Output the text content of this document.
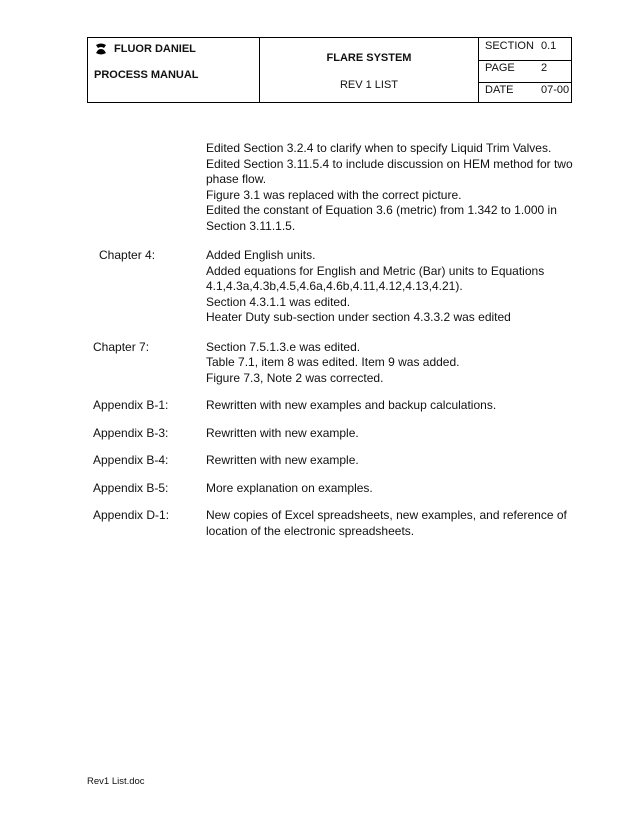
FLUOR DANIEL
PROCESS MANUAL
FLARE SYSTEM
REV 1 LIST
SECTION 0.1
PAGE 2
DATE 07-00
Edited Section 3.2.4 to clarify when to specify Liquid Trim Valves.
Edited Section 3.11.5.4 to include discussion on HEM method for two phase flow.
Figure 3.1 was replaced with the correct picture.
Edited the constant of Equation 3.6 (metric) from 1.342 to 1.000 in Section 3.11.1.5.
Chapter 4:	Added English units.
Added equations for English and Metric (Bar) units to Equations 4.1,4.3a,4.3b,4.5,4.6a,4.6b,4.11,4.12,4.13,4.21).
Section 4.3.1.1 was edited.
Heater Duty sub-section under section 4.3.3.2 was edited
Chapter 7:	Section 7.5.1.3.e was edited.
Table 7.1, item 8 was edited. Item 9 was added.
Figure 7.3, Note 2 was corrected.
Appendix B-1:	Rewritten with new examples and backup calculations.
Appendix B-3:	Rewritten with new example.
Appendix B-4:	Rewritten with new example.
Appendix B-5:	More explanation on examples.
Appendix D-1:	New copies of Excel spreadsheets, new examples, and reference of location of the electronic spreadsheets.
Rev1 List.doc
